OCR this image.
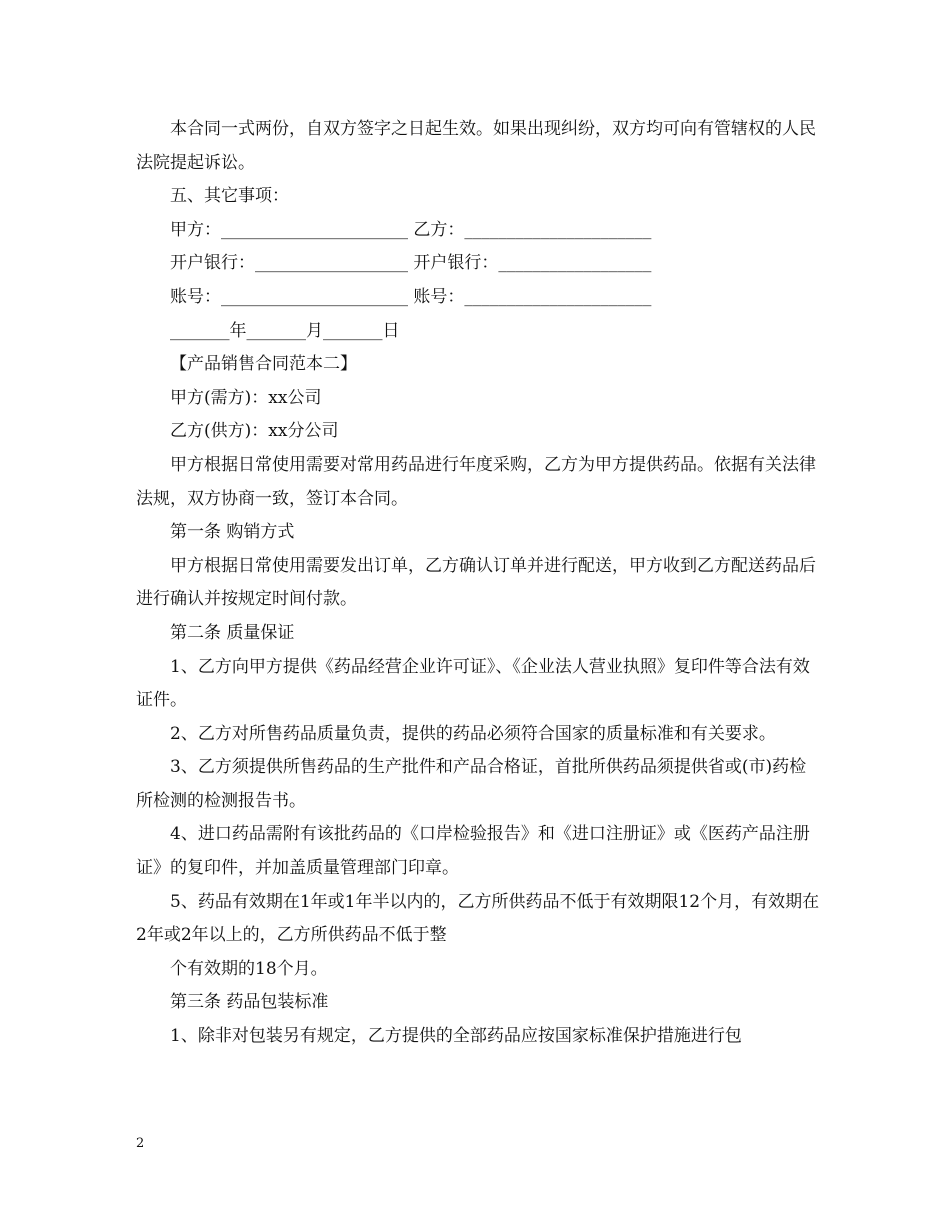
本合同一式两份，自双方签字之日起生效。如果出现纠纷，双方均可向有管辖权的人民法院提起诉讼。

五、其它事项：

甲方：______________________ 乙方：______________________

开户银行：__________________ 开户银行：__________________

账号：______________________ 账号：______________________

_______年_______月_______日

【产品销售合同范本二】

甲方(需方)：xx公司

乙方(供方)：xx分公司

甲方根据日常使用需要对常用药品进行年度采购，乙方为甲方提供药品。依据有关法律法规，双方协商一致，签订本合同。

第一条 购销方式

甲方根据日常使用需要发出订单，乙方确认订单并进行配送，甲方收到乙方配送药品后进行确认并按规定时间付款。

第二条 质量保证

1、乙方向甲方提供《药品经营企业许可证》、《企业法人营业执照》复印件等合法有效证件。

2、乙方对所售药品质量负责，提供的药品必须符合国家的质量标准和有关要求。

3、乙方须提供所售药品的生产批件和产品合格证，首批所供药品须提供省或(市)药检所检测的检测报告书。

4、进口药品需附有该批药品的《口岸检验报告》和《进口注册证》或《医药产品注册证》的复印件，并加盖质量管理部门印章。

5、药品有效期在1年或1年半以内的，乙方所供药品不低于有效期限12个月，有效期在2年或2年以上的，乙方所供药品不低于整

个有效期的18个月。

第三条 药品包装标准

1、除非对包装另有规定，乙方提供的全部药品应按国家标准保护措施进行包

2
